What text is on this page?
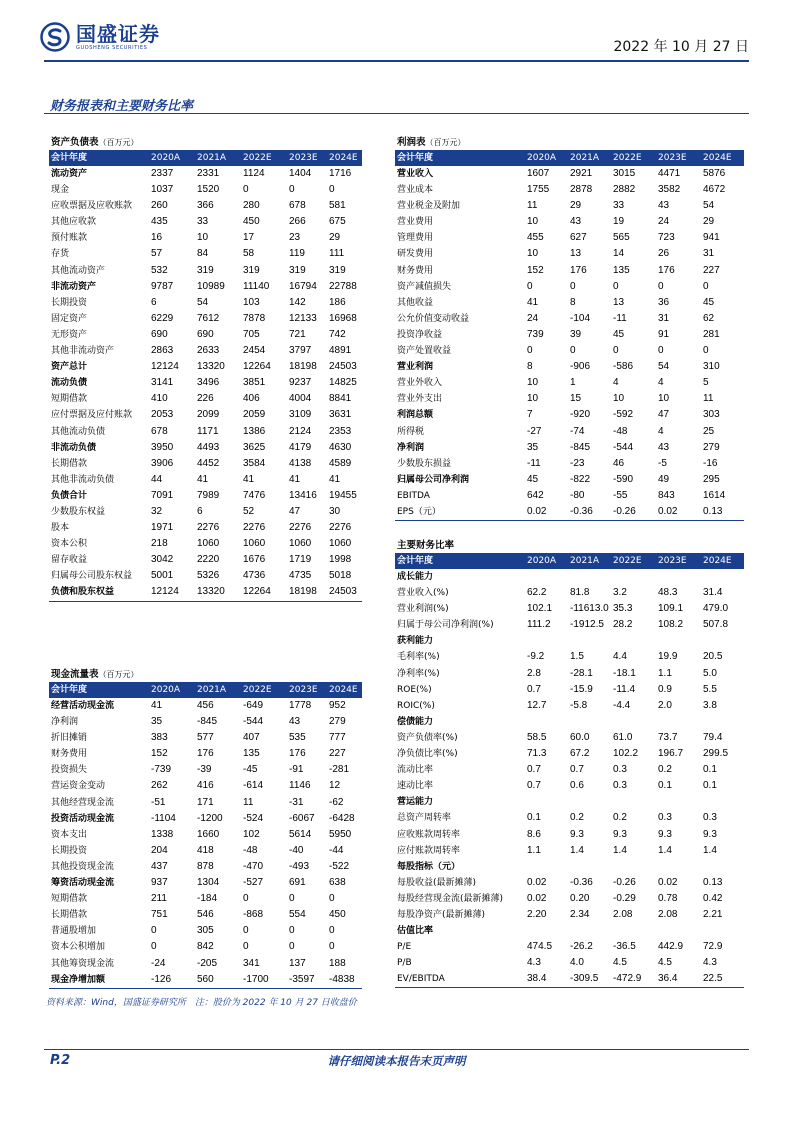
国盛证券
GUOSHENG SECURITIES	2022 年 10 月 27 日
财务报表和主要财务比率
资产负债表（百万元）
会计年度	2020A	2021A	2022E	2023E	2024E
流动资产	2337	2331	1124	1404	1716
现金	1037	1520	0	0	0
应收票据及应收账款	260	366	280	678	581
其他应收款	435	33	450	266	675
预付账款	16	10	17	23	29
存货	57	84	58	119	111
其他流动资产	532	319	319	319	319
非流动资产	9787	10989	11140	16794	22788
长期投资	6	54	103	142	186
固定资产	6229	7612	7878	12133	16968
无形资产	690	690	705	721	742
其他非流动资产	2863	2633	2454	3797	4891
资产总计	12124	13320	12264	18198	24503
流动负债	3141	3496	3851	9237	14825
短期借款	410	226	406	4004	8841
应付票据及应付账款	2053	2099	2059	3109	3631
其他流动负债	678	1171	1386	2124	2353
非流动负债	3950	4493	3625	4179	4630
长期借款	3906	4452	3584	4138	4589
其他非流动负债	44	41	41	41	41
负债合计	7091	7989	7476	13416	19455
少数股东权益	32	6	52	47	30
股本	1971	2276	2276	2276	2276
资本公积	218	1060	1060	1060	1060
留存收益	3042	2220	1676	1719	1998
归属母公司股东权益	5001	5326	4736	4735	5018
负债和股东权益	12124	13320	12264	18198	24503
现金流量表（百万元）
会计年度	2020A	2021A	2022E	2023E	2024E
经营活动现金流	41	456	-649	1778	952
净利润	35	-845	-544	43	279
折旧摊销	383	577	407	535	777
财务费用	152	176	135	176	227
投资损失	-739	-39	-45	-91	-281
营运资金变动	262	416	-614	1146	12
其他经营现金流	-51	171	11	-31	-62
投资活动现金流	-1104	-1200	-524	-6067	-6428
资本支出	1338	1660	102	5614	5950
长期投资	204	418	-48	-40	-44
其他投资现金流	437	878	-470	-493	-522
筹资活动现金流	937	1304	-527	691	638
短期借款	211	-184	0	0	0
长期借款	751	546	-868	554	450
普通股增加	0	305	0	0	0
资本公积增加	0	842	0	0	0
其他筹资现金流	-24	-205	341	137	188
现金净增加额	-126	560	-1700	-3597	-4838
利润表（百万元）
会计年度	2020A	2021A	2022E	2023E	2024E
营业收入	1607	2921	3015	4471	5876
营业成本	1755	2878	2882	3582	4672
营业税金及附加	11	29	33	43	54
营业费用	10	43	19	24	29
管理费用	455	627	565	723	941
研发费用	10	13	14	26	31
财务费用	152	176	135	176	227
资产减值损失	0	0	0	0	0
其他收益	41	8	13	36	45
公允价值变动收益	24	-104	-11	31	62
投资净收益	739	39	45	91	281
资产处置收益	0	0	0	0	0
营业利润	8	-906	-586	54	310
营业外收入	10	1	4	4	5
营业外支出	10	15	10	10	11
利润总额	7	-920	-592	47	303
所得税	-27	-74	-48	4	25
净利润	35	-845	-544	43	279
少数股东损益	-11	-23	46	-5	-16
归属母公司净利润	45	-822	-590	49	295
EBITDA	642	-80	-55	843	1614
EPS（元）	0.02	-0.36	-0.26	0.02	0.13
主要财务比率
会计年度	2020A	2021A	2022E	2023E	2024E
成长能力					
营业收入(%)	62.2	81.8	3.2	48.3	31.4
营业利润(%)	102.1	-11613.0	35.3	109.1	479.0
归属于母公司净利润(%)	111.2	-1912.5	28.2	108.2	507.8
获利能力					
毛利率(%)	-9.2	1.5	4.4	19.9	20.5
净利率(%)	2.8	-28.1	-18.1	1.1	5.0
ROE(%)	0.7	-15.9	-11.4	0.9	5.5
ROIC(%)	12.7	-5.8	-4.4	2.0	3.8
偿债能力					
资产负债率(%)	58.5	60.0	61.0	73.7	79.4
净负债比率(%)	71.3	67.2	102.2	196.7	299.5
流动比率	0.7	0.7	0.3	0.2	0.1
速动比率	0.7	0.6	0.3	0.1	0.1
营运能力					
总资产周转率	0.1	0.2	0.2	0.3	0.3
应收账款周转率	8.6	9.3	9.3	9.3	9.3
应付账款周转率	1.1	1.4	1.4	1.4	1.4
每股指标（元）					
每股收益(最新摊薄)	0.02	-0.36	-0.26	0.02	0.13
每股经营现金流(最新摊薄)	0.02	0.20	-0.29	0.78	0.42
每股净资产(最新摊薄)	2.20	2.34	2.08	2.08	2.21
估值比率					
P/E	474.5	-26.2	-36.5	442.9	72.9
P/B	4.3	4.0	4.5	4.5	4.3
EV/EBITDA	38.4	-309.5	-472.9	36.4	22.5
资料来源：Wind，国盛证券研究所　注：股价为 2022 年 10 月 27 日收盘价
P.2	请仔细阅读本报告末页声明
